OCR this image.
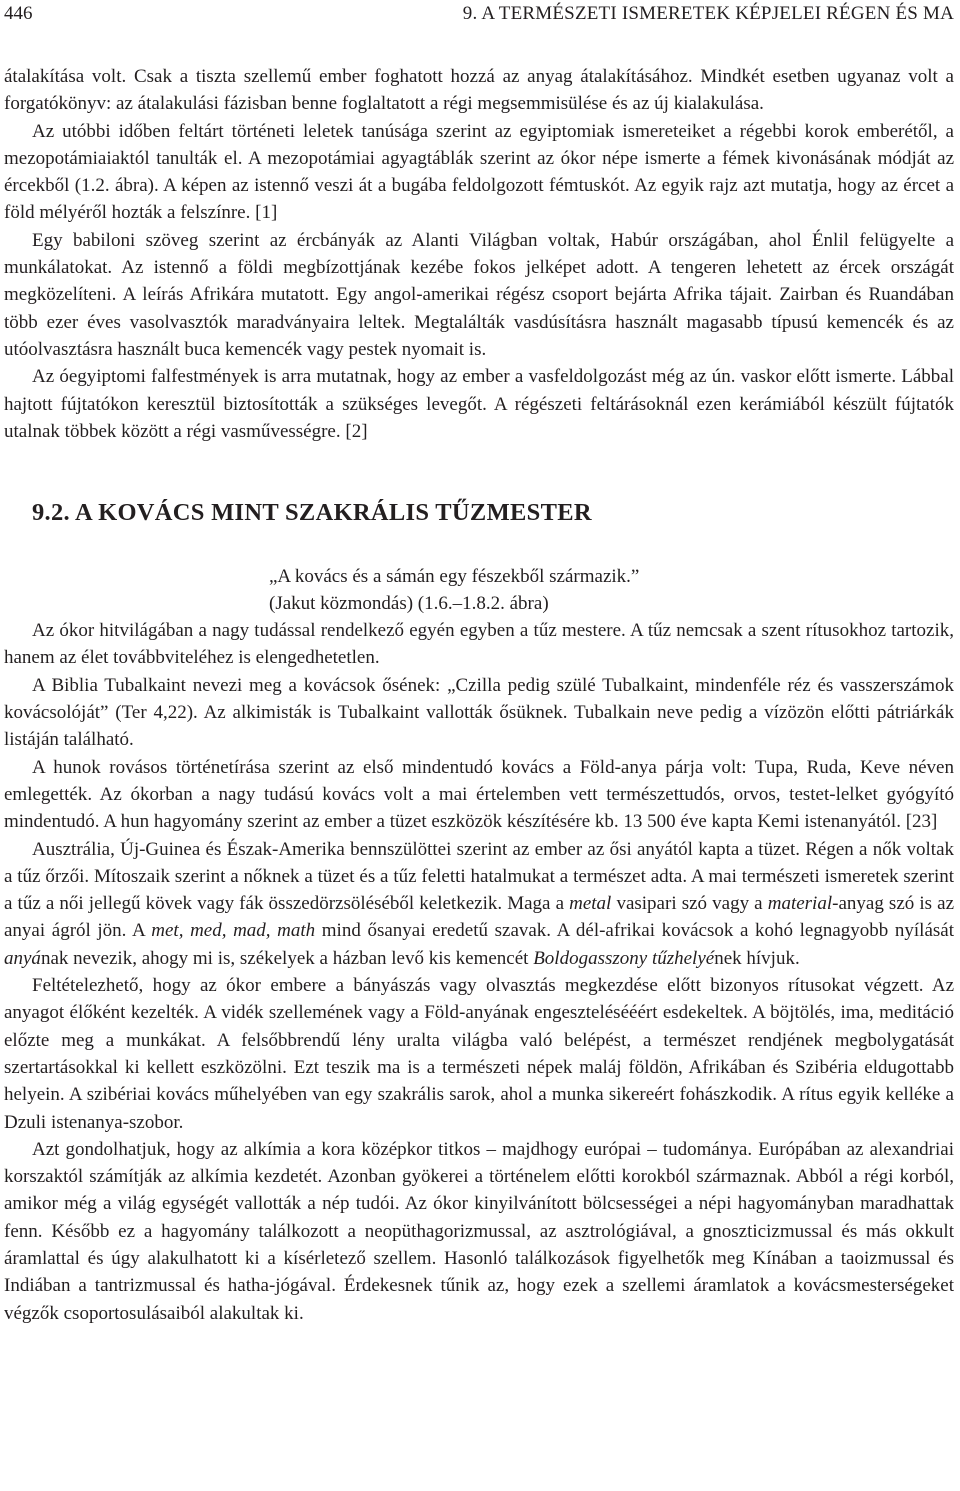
446	9. A TERMÉSZETI ISMERETEK KÉPJELEI RÉGEN ÉS MA

átalakítása volt. Csak a tiszta szellemű ember foghatott hozzá az anyag átalakításához. Mindkét esetben ugyanaz volt a forgatókönyv: az átalakulási fázisban benne foglaltatott a régi megsemmisülése és az új kialakulása.

Az utóbbi időben feltárt történeti leletek tanúsága szerint az egyiptomiak ismereteiket a régebbi korok emberétől, a mezopotámiaiaktól tanulták el. A mezopotámiai agyagtáblák szerint az ókor népe ismerte a fémek kivonásának módját az ércekből (1.2. ábra). A képen az istennő veszi át a bugába feldolgozott fémtuskót. Az egyik rajz azt mutatja, hogy az ércet a föld mélyéről hozták a felszínre. [1]

Egy babiloni szöveg szerint az ércbányák az Alanti Világban voltak, Habúr országában, ahol Énlil felügyelte a munkálatokat. Az istennő a földi megbízottjának kezébe fokos jelképet adott. A tengeren lehetett az ércek országát megközelíteni. A leírás Afrikára mutatott. Egy angol-amerikai régész csoport bejárta Afrika tájait. Zairban és Ruandában több ezer éves vasolvasztók maradványaira leltek. Megtalálták vasdúsításra használt magasabb típusú kemencék és az utóolvasztásra használt buca kemencék vagy pestek nyomait is.

Az óegyiptomi falfestmények is arra mutatnak, hogy az ember a vasfeldolgozást még az ún. vaskor előtt ismerte. Lábbal hajtott fújtatókon keresztül biztosították a szükséges levegőt. A régészeti feltárásoknál ezen kerámiából készült fújtatók utalnak többek között a régi vasművességre. [2]

9.2. A KOVÁCS MINT SZAKRÁLIS TŰZMESTER

„A kovács és a sámán egy fészekből származik.”

(Jakut közmondás) (1.6.–1.8.2. ábra)

Az ókor hitvilágában a nagy tudással rendelkező egyén egyben a tűz mestere. A tűz nemcsak a szent rítusokhoz tartozik, hanem az élet továbbviteléhez is elengedhetetlen.

A Biblia Tubalkaint nevezi meg a kovácsok ősének: „Czilla pedig szülé Tubalkaint, mindenféle réz és vasszerszámok kovácsolóját” (Ter 4,22). Az alkimisták is Tubalkaint vallották ősüknek. Tubalkain neve pedig a vízözön előtti pátriárkák listáján található.

A hunok rovásos történetírása szerint az első mindentudó kovács a Föld-anya párja volt: Tupa, Ruda, Keve néven emlegették. Az ókorban a nagy tudású kovács volt a mai értelemben vett természettudós, orvos, testet-lelket gyógyító mindentudó. A hun hagyomány szerint az ember a tüzet eszközök készítésére kb. 13 500 éve kapta Kemi istenanyától. [23]

Ausztrália, Új-Guinea és Észak-Amerika bennszülöttei szerint az ember az ősi anyától kapta a tüzet. Régen a nők voltak a tűz őrzői. Mítoszaik szerint a nőknek a tüzet és a tűz feletti hatalmukat a természet adta. A mai természeti ismeretek szerint a tűz a női jellegű kövek vagy fák összedörzsöléséből keletkezik. Maga a metal vasipari szó vagy a material-anyag szó is az anyai ágról jön. A met, med, mad, math mind ősanyai eredetű szavak. A dél-afrikai kovácsok a kohó legnagyobb nyílását anyának nevezik, ahogy mi is, székelyek a házban levő kis kemencét Boldogasszony tűzhelyének hívjuk.

Feltételezhető, hogy az ókor embere a bányászás vagy olvasztás megkezdése előtt bizonyos rítusokat végzett. Az anyagot élőként kezelték. A vidék szellemének vagy a Föld-anyának engesztelésééért esdekeltek. A böjtölés, ima, meditáció előzte meg a munkákat. A felsőbbrendű lény uralta világba való belépést, a természet rendjének megbolygatását szertartásokkal ki kellett eszközölni. Ezt teszik ma is a természeti népek maláj földön, Afrikában és Szibéria eldugottabb helyein. A szibériai kovács műhelyében van egy szakrális sarok, ahol a munka sikereért fohászkodik. A rítus egyik kelléke a Dzuli istenanya-szobor.

Azt gondolhatjuk, hogy az alkímia a kora középkor titkos – majdhogy európai – tudománya. Európában az alexandriai korszaktól számítják az alkímia kezdetét. Azonban gyökerei a történelem előtti korokból származnak. Abból a régi korból, amikor még a világ egységét vallották a nép tudói. Az ókor kinyilvánított bölcsességei a népi hagyományban maradhattak fenn. Később ez a hagyomány találkozott a neopüthagorizmussal, az asztrológiával, a gnoszticizmussal és más okkult áramlattal és úgy alakulhatott ki a kísérletező szellem. Hasonló találkozások figyelhetők meg Kínában a taoizmussal és Indiában a tantrizmussal és hatha-jógával. Érdekesnek tűnik az, hogy ezek a szellemi áramlatok a kovácsmesterségeket végzők csoportosulásaiból alakultak ki.
